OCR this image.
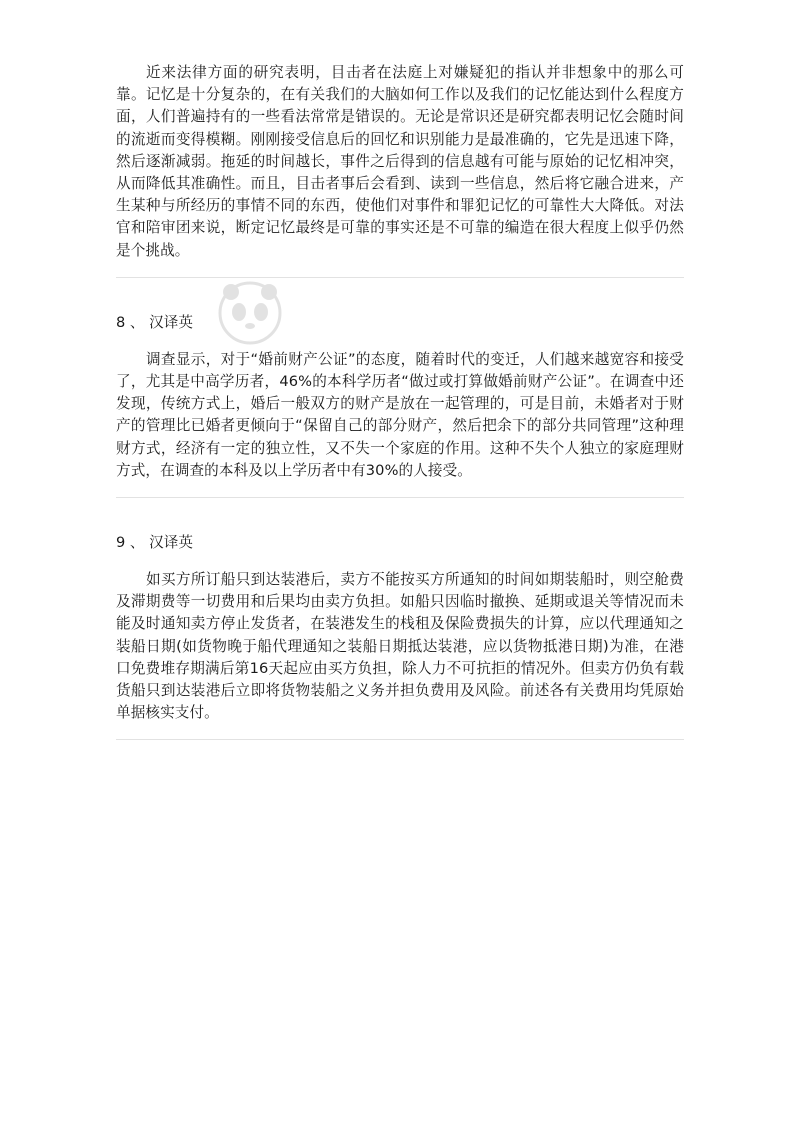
近来法律方面的研究表明，目击者在法庭上对嫌疑犯的指认并非想象中的那么可靠。记忆是十分复杂的，在有关我们的大脑如何工作以及我们的记忆能达到什么程度方面，人们普遍持有的一些看法常常是错误的。无论是常识还是研究都表明记忆会随时间的流逝而变得模糊。刚刚接受信息后的回忆和识别能力是最准确的，它先是迅速下降，然后逐渐减弱。拖延的时间越长，事件之后得到的信息越有可能与原始的记忆相冲突，从而降低其准确性。而且，目击者事后会看到、读到一些信息，然后将它融合进来，产生某种与所经历的事情不同的东西，使他们对事件和罪犯记忆的可靠性大大降低。对法官和陪审团来说，断定记忆最终是可靠的事实还是不可靠的编造在很大程度上似乎仍然是个挑战。

8 、 汉译英

调查显示，对于“婚前财产公证”的态度，随着时代的变迁，人们越来越宽容和接受了，尤其是中高学历者，46%的本科学历者“做过或打算做婚前财产公证”。在调查中还发现，传统方式上，婚后一般双方的财产是放在一起管理的，可是目前，未婚者对于财产的管理比已婚者更倾向于“保留自己的部分财产，然后把余下的部分共同管理”这种理财方式，经济有一定的独立性，又不失一个家庭的作用。这种不失个人独立的家庭理财方式，在调查的本科及以上学历者中有30%的人接受。

9 、 汉译英

如买方所订船只到达装港后，卖方不能按买方所通知的时间如期装船时，则空舱费及滞期费等一切费用和后果均由卖方负担。如船只因临时撤换、延期或退关等情况而未能及时通知卖方停止发货者，在装港发生的栈租及保险费损失的计算，应以代理通知之装船日期(如货物晚于船代理通知之装船日期抵达装港，应以货物抵港日期)为准，在港口免费堆存期满后第16天起应由买方负担，除人力不可抗拒的情况外。但卖方仍负有载货船只到达装港后立即将货物装船之义务并担负费用及风险。前述各有关费用均凭原始单据核实支付。
